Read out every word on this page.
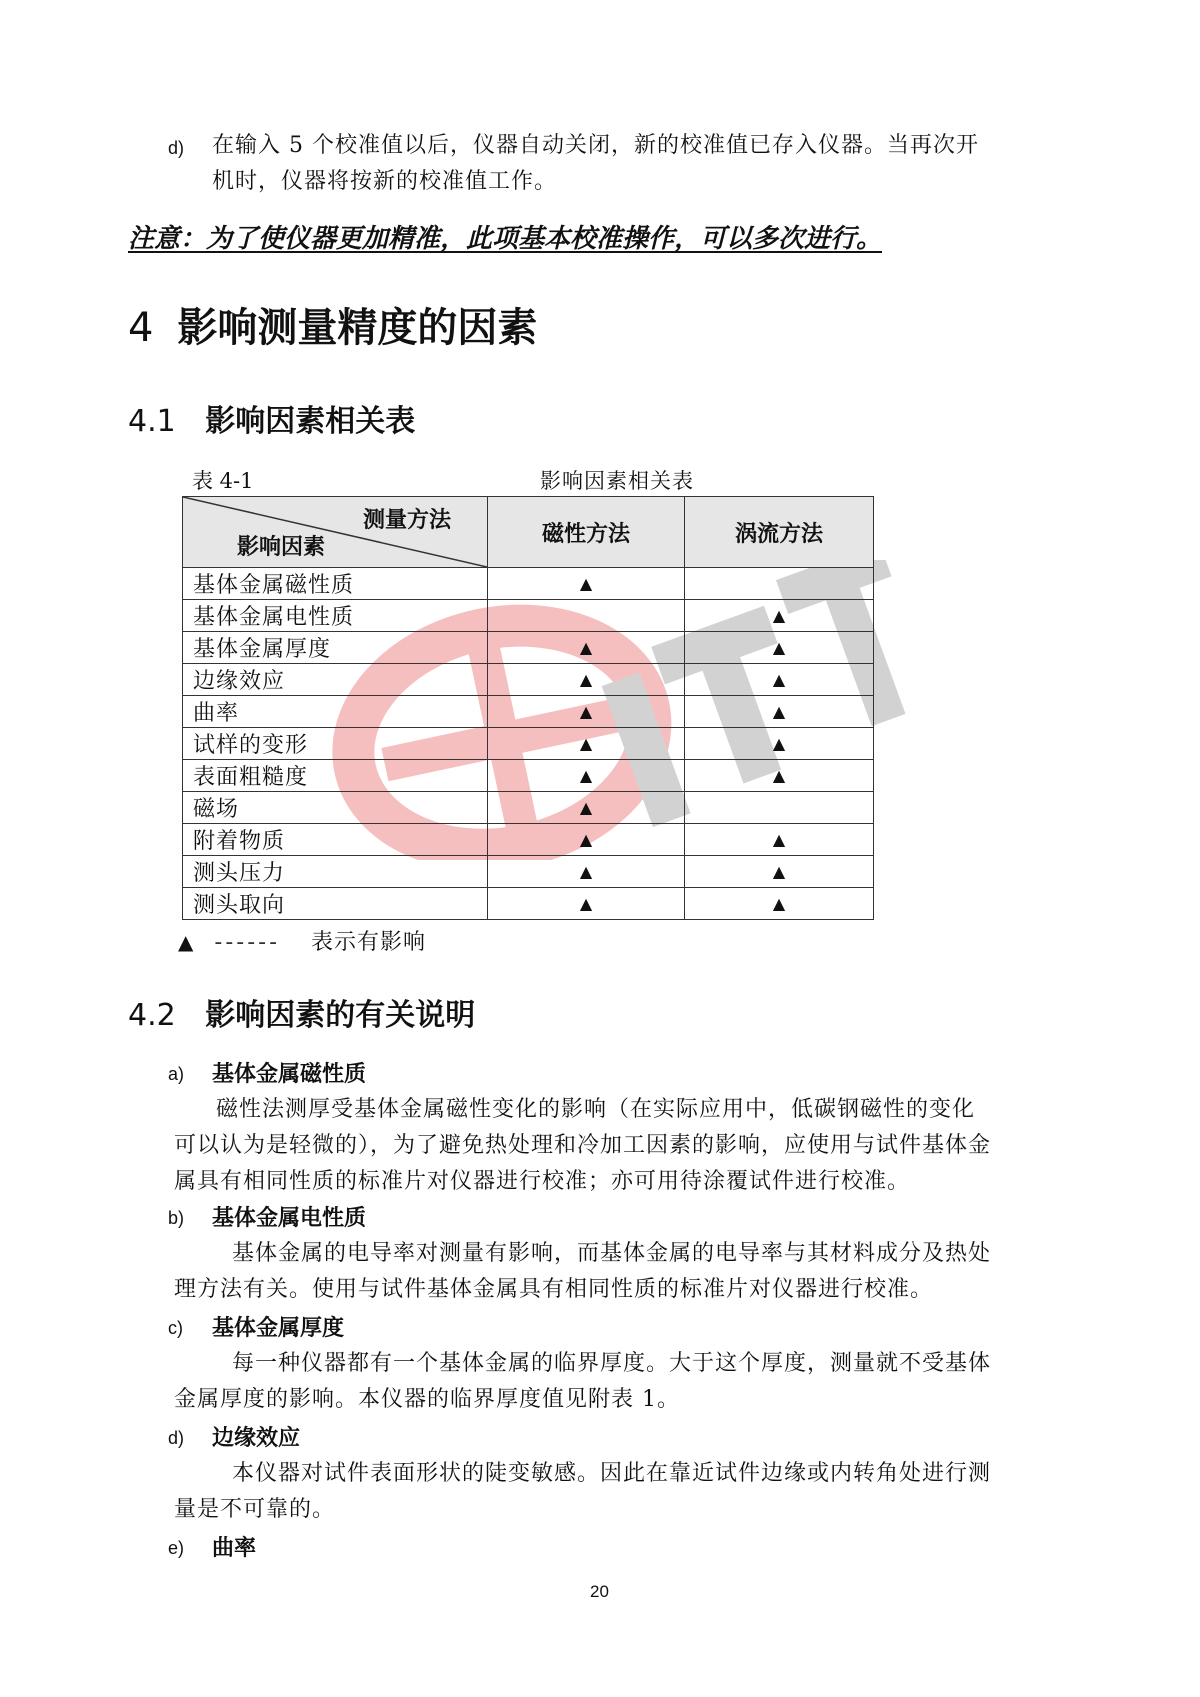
d) 在输入 5 个校准值以后，仪器自动关闭，新的校准值已存入仪器。当再次开
机时，仪器将按新的校准值工作。
注意：为了使仪器更加精准，此项基本校准操作，可以多次进行。
4 影响测量精度的因素
4.1 影响因素相关表
表 4-1	影响因素相关表
测量方法
影响因素	磁性方法	涡流方法
基体金属磁性质	▲	
基体金属电性质		▲
基体金属厚度	▲	▲
边缘效应	▲	▲
曲率	▲	▲
试样的变形	▲	▲
表面粗糙度	▲	▲
磁场	▲	
附着物质	▲	▲
测头压力	▲	▲
测头取向	▲	▲
▲ ------ 表示有影响
4.2 影响因素的有关说明
a) 基体金属磁性质
磁性法测厚受基体金属磁性变化的影响（在实际应用中，低碳钢磁性的变化
可以认为是轻微的），为了避免热处理和冷加工因素的影响，应使用与试件基体金
属具有相同性质的标准片对仪器进行校准；亦可用待涂覆试件进行校准。
b) 基体金属电性质
基体金属的电导率对测量有影响，而基体金属的电导率与其材料成分及热处
理方法有关。使用与试件基体金属具有相同性质的标准片对仪器进行校准。
c) 基体金属厚度
每一种仪器都有一个基体金属的临界厚度。大于这个厚度，测量就不受基体
金属厚度的影响。本仪器的临界厚度值见附表 1。
d) 边缘效应
本仪器对试件表面形状的陡变敏感。因此在靠近试件边缘或内转角处进行测
量是不可靠的。
e) 曲率
20
